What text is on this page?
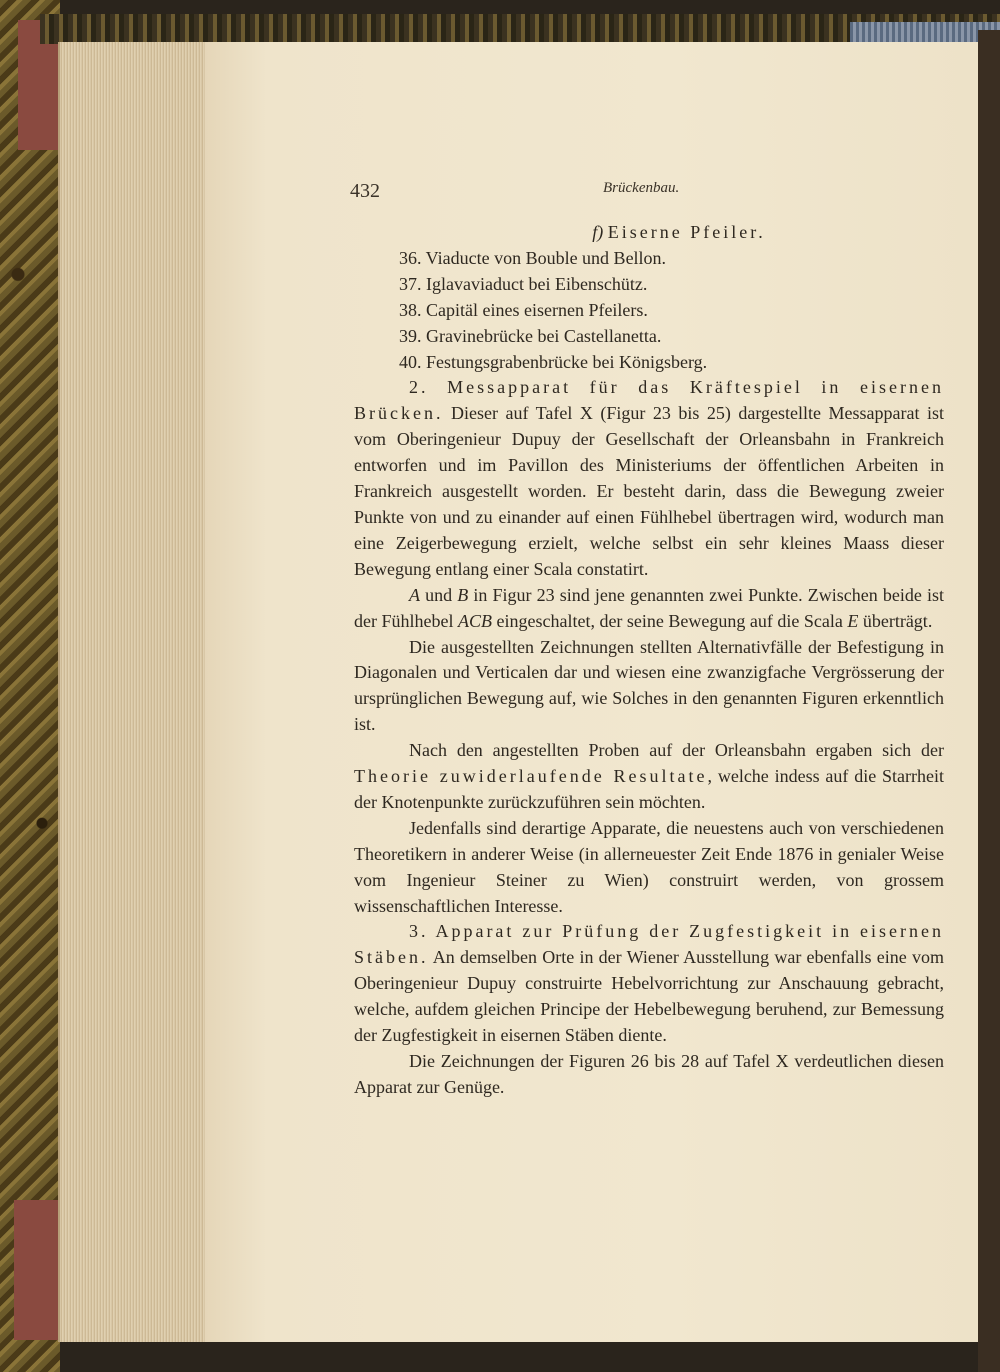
432	Brückenbau.

f) Eiserne Pfeiler.

36. Viaducte von Bouble und Bellon.

37. Iglavaviaduct bei Eibenschütz.

38. Capitäl eines eisernen Pfeilers.

39. Gravinebrücke bei Castellanetta.

40. Festungsgrabenbrücke bei Königsberg.

2. Messapparat für das Kräftespiel in eisernen Brücken. Dieser auf Tafel X (Figur 23 bis 25) dargestellte Messapparat ist vom Oberingenieur Dupuy der Gesellschaft der Orleansbahn in Frankreich entworfen und im Pavillon des Ministeriums der öffentlichen Arbeiten in Frankreich ausgestellt worden. Er besteht darin, dass die Bewegung zweier Punkte von und zu einander auf einen Fühlhebel übertragen wird, wodurch man eine Zeigerbewegung erzielt, welche selbst ein sehr kleines Maass dieser Bewegung entlang einer Scala constatirt.

A und B in Figur 23 sind jene genannten zwei Punkte. Zwischen beide ist der Fühlhebel ACB eingeschaltet, der seine Bewegung auf die Scala E überträgt.

Die ausgestellten Zeichnungen stellten Alternativfälle der Befestigung in Diagonalen und Verticalen dar und wiesen eine zwanzigfache Vergrösserung der ursprünglichen Bewegung auf, wie Solches in den genannten Figuren erkenntlich ist.

Nach den angestellten Proben auf der Orleansbahn ergaben sich der Theorie zuwiderlaufende Resultate, welche indess auf die Starrheit der Knotenpunkte zurückzuführen sein möchten.

Jedenfalls sind derartige Apparate, die neuestens auch von verschiedenen Theoretikern in anderer Weise (in allerneuester Zeit Ende 1876 in genialer Weise vom Ingenieur Steiner zu Wien) construirt werden, von grossem wissenschaftlichen Interesse.

3. Apparat zur Prüfung der Zugfestigkeit in eisernen Stäben. An demselben Orte in der Wiener Ausstellung war ebenfalls eine vom Oberingenieur Dupuy construirte Hebelvorrichtung zur Anschauung gebracht, welche, aufdem gleichen Principe der Hebelbewegung beruhend, zur Bemessung der Zugfestigkeit in eisernen Stäben diente.

Die Zeichnungen der Figuren 26 bis 28 auf Tafel X verdeutlichen diesen Apparat zur Genüge.
